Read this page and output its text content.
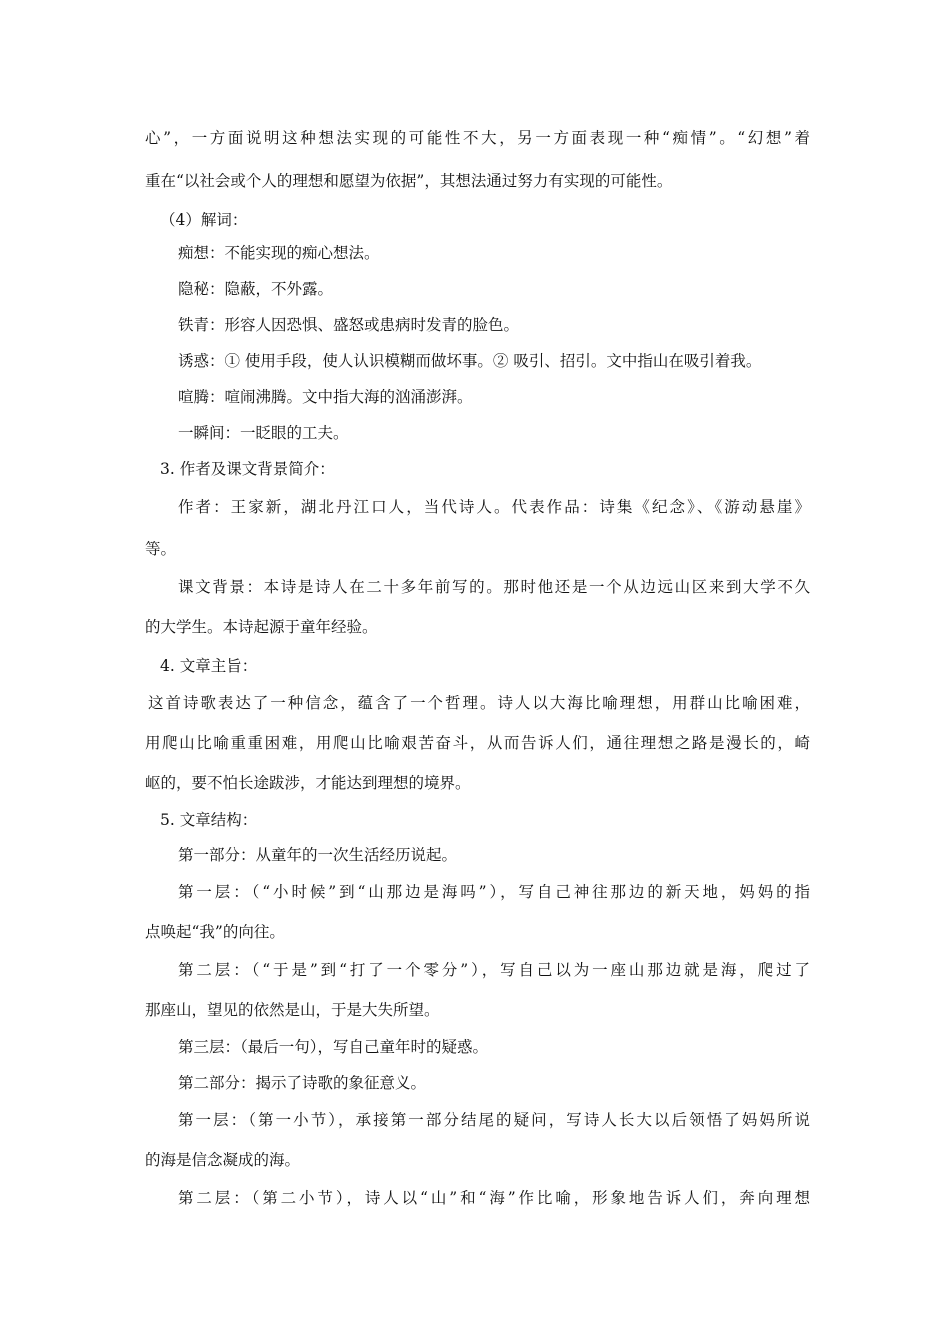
心”，一方面说明这种想法实现的可能性不大，另一方面表现一种“痴情”。“幻想”着
重在“以社会或个人的理想和愿望为依据”，其想法通过努力有实现的可能性。
（4）解词：
痴想：不能实现的痴心想法。
隐秘：隐蔽，不外露。
铁青：形容人因恐惧、盛怒或患病时发青的脸色。
诱惑：① 使用手段，使人认识模糊而做坏事。② 吸引、招引。文中指山在吸引着我。
喧腾：喧闹沸腾。文中指大海的汹涌澎湃。
一瞬间：一眨眼的工夫。
3. 作者及课文背景简介：
作者：王家新，湖北丹江口人，当代诗人。代表作品：诗集《纪念》、《游动悬崖》
等。
课文背景：本诗是诗人在二十多年前写的。那时他还是一个从边远山区来到大学不久
的大学生。本诗起源于童年经验。
4. 文章主旨：
这首诗歌表达了一种信念，蕴含了一个哲理。诗人以大海比喻理想，用群山比喻困难，
用爬山比喻重重困难，用爬山比喻艰苦奋斗，从而告诉人们，通往理想之路是漫长的，崎
岖的，要不怕长途跋涉，才能达到理想的境界。
5. 文章结构：
第一部分：从童年的一次生活经历说起。
第一层：（“小时候”到“山那边是海吗”），写自己神往那边的新天地，妈妈的指
点唤起“我”的向往。
第二层：（“于是”到“打了一个零分”），写自己以为一座山那边就是海，爬过了
那座山，望见的依然是山，于是大失所望。
第三层：（最后一句），写自己童年时的疑惑。
第二部分：揭示了诗歌的象征意义。
第一层：（第一小节），承接第一部分结尾的疑问，写诗人长大以后领悟了妈妈所说
的海是信念凝成的海。
第二层：（第二小节），诗人以“山”和“海”作比喻，形象地告诉人们，奔向理想
